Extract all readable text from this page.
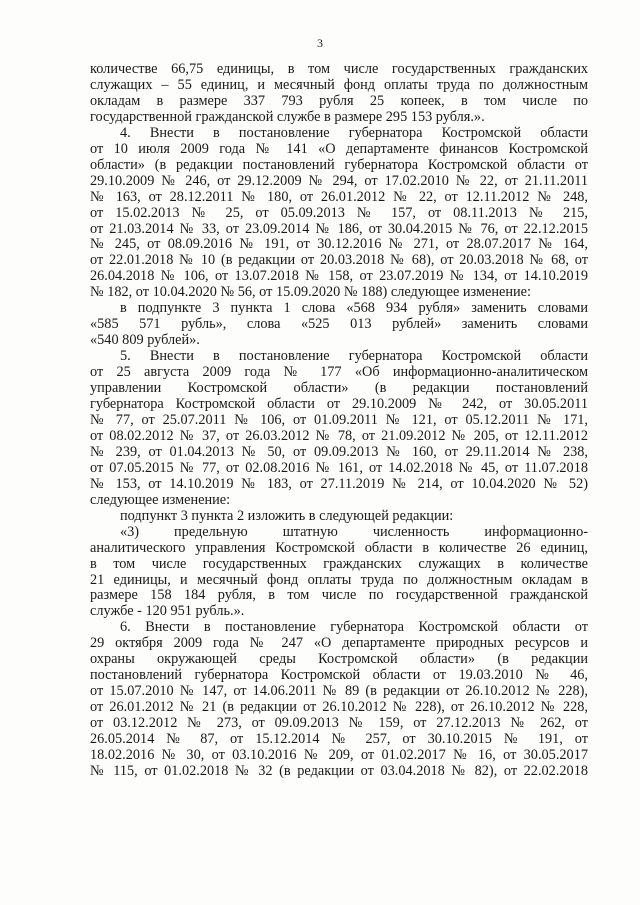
3

количестве 66,75 единицы, в том числе государственных гражданских

служащих – 55 единиц, и месячный фонд оплаты труда по должностным

окладам в размере 337 793 рубля 25 копеек, в том числе по

государственной гражданской службе в размере 295 153 рубля.».

4. Внести в постановление губернатора Костромской области

от 10 июля 2009 года № 141 «О департаменте финансов Костромской

области» (в редакции постановлений губернатора Костромской области от

29.10.2009 № 246, от 29.12.2009 № 294, от 17.02.2010 № 22, от 21.11.2011

№ 163, от 28.12.2011 № 180, от 26.01.2012 № 22, от 12.11.2012 № 248,

от 15.02.2013 № 25, от 05.09.2013 № 157, от 08.11.2013 № 215,

от 21.03.2014 № 33, от 23.09.2014 № 186, от 30.04.2015 № 76, от 22.12.2015

№ 245, от 08.09.2016 № 191, от 30.12.2016 № 271, от 28.07.2017 № 164,

от 22.01.2018 № 10 (в редакции от 20.03.2018 № 68), от 20.03.2018 № 68, от

26.04.2018 № 106, от 13.07.2018 № 158, от 23.07.2019 № 134, от 14.10.2019

№ 182, от 10.04.2020 № 56, от 15.09.2020 № 188) следующее изменение:

в подпункте 3 пункта 1 слова «568 934 рубля» заменить словами

«585 571 рубль», слова «525 013 рублей» заменить словами

«540 809 рублей».

5. Внести в постановление губернатора Костромской области

от 25 августа 2009 года № 177 «Об информационно-аналитическом

управлении Костромской области» (в редакции постановлений

губернатора Костромской области от 29.10.2009 № 242, от 30.05.2011

№ 77, от 25.07.2011 № 106, от 01.09.2011 № 121, от 05.12.2011 № 171,

от 08.02.2012 № 37, от 26.03.2012 № 78, от 21.09.2012 № 205, от 12.11.2012

№ 239, от 01.04.2013 № 50, от 09.09.2013 № 160, от 29.11.2014 № 238,

от 07.05.2015 № 77, от 02.08.2016 № 161, от 14.02.2018 № 45, от 11.07.2018

№ 153, от 14.10.2019 № 183, от 27.11.2019 № 214, от 10.04.2020 № 52)

следующее изменение:

подпункт 3 пункта 2 изложить в следующей редакции:

«3) предельную штатную численность информационно-

аналитического управления Костромской области в количестве 26 единиц,

в том числе государственных гражданских служащих в количестве

21 единицы, и месячный фонд оплаты труда по должностным окладам в

размере 158 184 рубля, в том числе по государственной гражданской

службе - 120 951 рубль.».

6. Внести в постановление губернатора Костромской области от

29 октября 2009 года № 247 «О департаменте природных ресурсов и

охраны окружающей среды Костромской области» (в редакции

постановлений губернатора Костромской области от 19.03.2010 № 46,

от 15.07.2010 № 147, от 14.06.2011 № 89 (в редакции от 26.10.2012 № 228),

от 26.01.2012 № 21 (в редакции от 26.10.2012 № 228), от 26.10.2012 № 228,

от 03.12.2012 № 273, от 09.09.2013 № 159, от 27.12.2013 № 262, от

26.05.2014 № 87, от 15.12.2014 № 257, от 30.10.2015 № 191, от

18.02.2016 № 30, от 03.10.2016 № 209, от 01.02.2017 № 16, от 30.05.2017

№ 115, от 01.02.2018 № 32 (в редакции от 03.04.2018 № 82), от 22.02.2018
